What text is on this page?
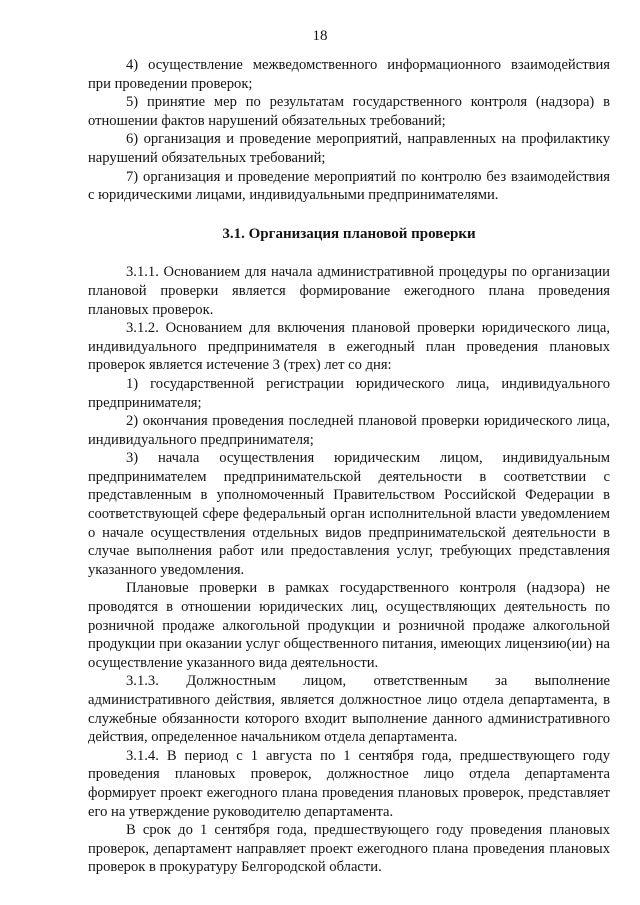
18

4) осуществление межведомственного информационного взаимодействия при проведении проверок;

5) принятие мер по результатам государственного контроля (надзора) в отношении фактов нарушений обязательных требований;

6) организация и проведение мероприятий, направленных на профилактику нарушений обязательных требований;

7) организация и проведение мероприятий по контролю без взаимодействия с юридическими лицами, индивидуальными предпринимателями.

3.1. Организация плановой проверки

3.1.1. Основанием для начала административной процедуры по организации плановой проверки является формирование ежегодного плана проведения плановых проверок.

3.1.2. Основанием для включения плановой проверки юридического лица, индивидуального предпринимателя в ежегодный план проведения плановых проверок является истечение 3 (трех) лет со дня:

1) государственной регистрации юридического лица, индивидуального предпринимателя;

2) окончания проведения последней плановой проверки юридического лица, индивидуального предпринимателя;

3) начала осуществления юридическим лицом, индивидуальным предпринимателем предпринимательской деятельности в соответствии с представленным в уполномоченный Правительством Российской Федерации в соответствующей сфере федеральный орган исполнительной власти уведомлением о начале осуществления отдельных видов предпринимательской деятельности в случае выполнения работ или предоставления услуг, требующих представления указанного уведомления.

Плановые проверки в рамках государственного контроля (надзора) не проводятся в отношении юридических лиц, осуществляющих деятельность по розничной продаже алкогольной продукции и розничной продаже алкогольной продукции при оказании услуг общественного питания, имеющих лицензию(ии) на осуществление указанного вида деятельности.

3.1.3. Должностным лицом, ответственным за выполнение административного действия, является должностное лицо отдела департамента, в служебные обязанности которого входит выполнение данного административного действия, определенное начальником отдела департамента.

3.1.4. В период с 1 августа по 1 сентября года, предшествующего году проведения плановых проверок, должностное лицо отдела департамента формирует проект ежегодного плана проведения плановых проверок, представляет его на утверждение руководителю департамента.

В срок до 1 сентября года, предшествующего году проведения плановых проверок, департамент направляет проект ежегодного плана проведения плановых проверок в прокуратуру Белгородской области.
